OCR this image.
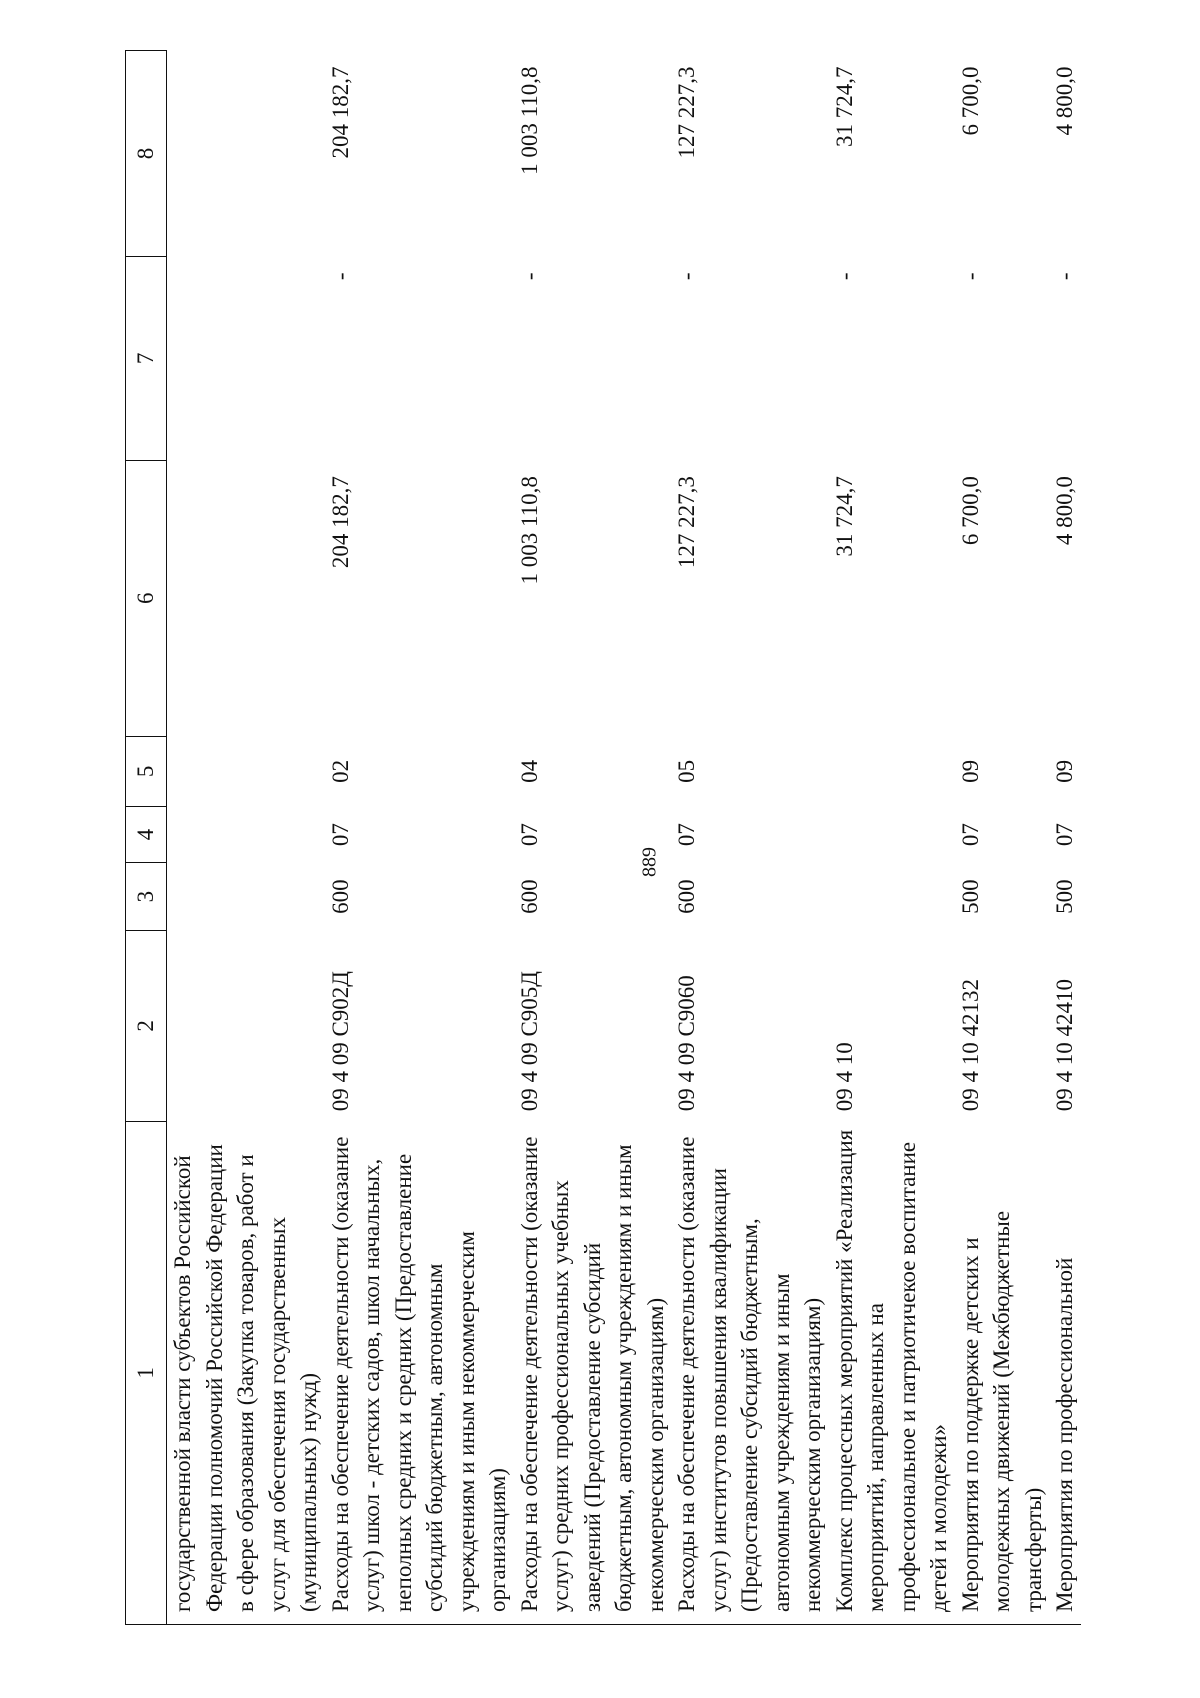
889
1	2	3	4	5	6	7	8
государственной власти субъектов Российской Федерации полномочий Российской Федерации в сфере образования (Закупка товаров, работ и услуг для обеспечения государственных (муниципальных) нужд)							
Расходы на обеспечение деятельности (оказание услуг) школ - детских садов, школ начальных, неполных средних и средних (Предоставление субсидий бюджетным, автономным учреждениям и иным некоммерческим организациям)	09 4 09 С902Д	600	07	02	204 182,7	-	204 182,7
Расходы на обеспечение деятельности (оказание услуг) средних профессиональных учебных заведений (Предоставление субсидий бюджетным, автономным учреждениям и иным некоммерческим организациям)	09 4 09 С905Д	600	07	04	1 003 110,8	-	1 003 110,8
Расходы на обеспечение деятельности (оказание услуг) институтов повышения квалификации (Предоставление субсидий бюджетным, автономным учреждениям и иным некоммерческим организациям)	09 4 09 С9060	600	07	05	127 227,3	-	127 227,3
Комплекс процессных мероприятий «Реализация мероприятий, направленных на профессиональное и патриотичекое воспитание детей и молодежи»	09 4 10				31 724,7	-	31 724,7
Мероприятия по поддержке детских и молодежных движений (Межбюджетные трансферты)	09 4 10 42132	500	07	09	6 700,0	-	6 700,0
Мероприятия по профессиональной	09 4 10 42410	500	07	09	4 800,0	-	4 800,0
